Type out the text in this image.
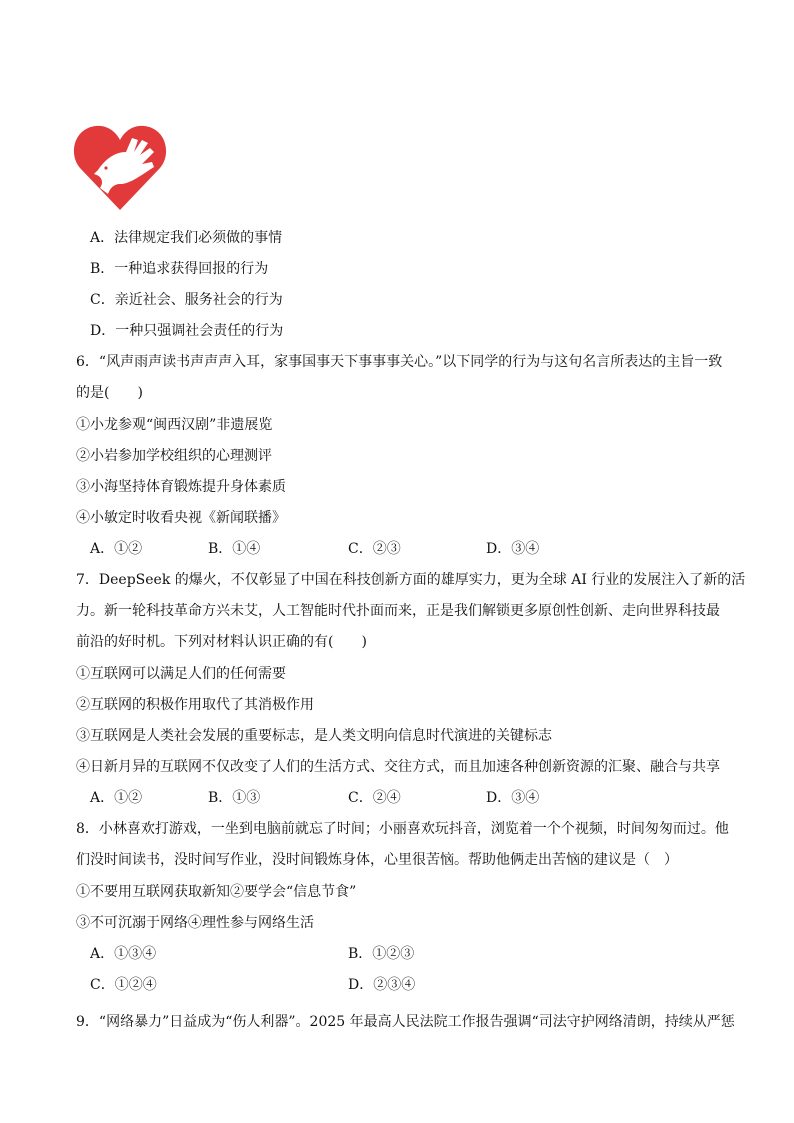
A．法律规定我们必须做的事情
B．一种追求获得回报的行为
C．亲近社会、服务社会的行为
D．一种只强调社会责任的行为
6．“风声雨声读书声声声入耳，家事国事天下事事事关心。”以下同学的行为与这句名言所表达的主旨一致
的是(　　)
①小龙参观“闽西汉剧”非遗展览
②小岩参加学校组织的心理测评
③小海坚持体育锻炼提升身体素质
④小敏定时收看央视《新闻联播》
A．①②	B．①④	C．②③	D．③④
7．DeepSeek 的爆火，不仅彰显了中国在科技创新方面的雄厚实力，更为全球 AI 行业的发展注入了新的活
力。新一轮科技革命方兴未艾，人工智能时代扑面而来，正是我们解锁更多原创性创新、走向世界科技最
前沿的好时机。下列对材料认识正确的有(　　)
①互联网可以满足人们的任何需要
②互联网的积极作用取代了其消极作用
③互联网是人类社会发展的重要标志，是人类文明向信息时代演进的关键标志
④日新月异的互联网不仅改变了人们的生活方式、交往方式，而且加速各种创新资源的汇聚、融合与共享
A．①②	B．①③	C．②④	D．③④
8．小林喜欢打游戏，一坐到电脑前就忘了时间；小丽喜欢玩抖音，浏览着一个个视频，时间匆匆而过。他
们没时间读书，没时间写作业，没时间锻炼身体，心里很苦恼。帮助他俩走出苦恼的建议是（　）
①不要用互联网获取新知②要学会“信息节食”
③不可沉溺于网络④理性参与网络生活
A．①③④	B．①②③
C．①②④	D．②③④
9．“网络暴力”日益成为“伤人利器”。2025 年最高人民法院工作报告强调“司法守护网络清朗，持续从严惩
